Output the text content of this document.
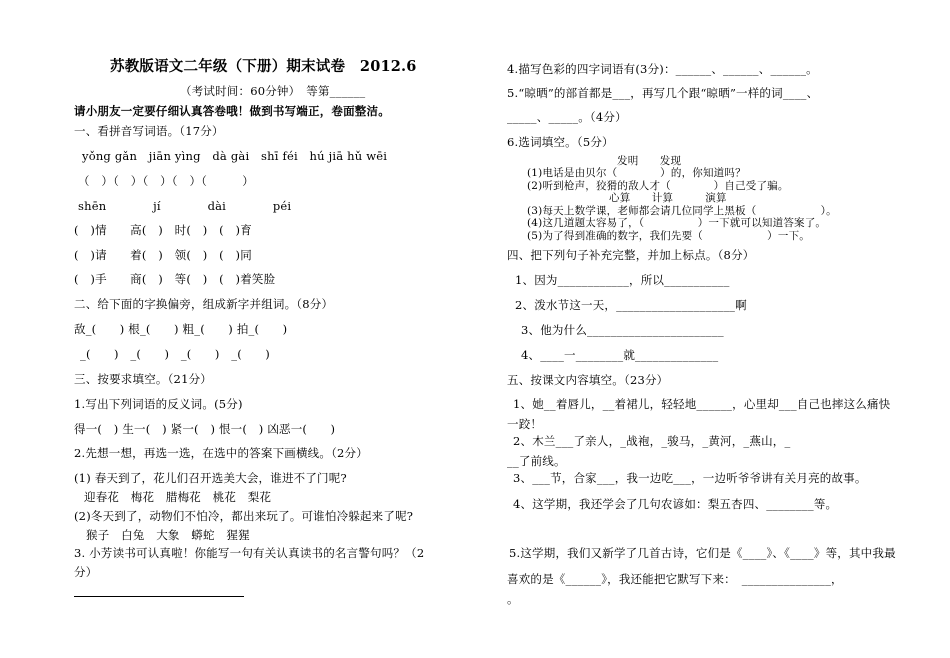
苏教版语文二年级（下册）期末试卷　2012.6
（考试时间：60分钟）　等第______
请小朋友一定要仔细认真答卷哦！做到书写端正，卷面整洁。
一、看拼音写词语。（17分）
yǒng gǎn　jiān yìng　dà gài　shī féi　hú jiā hǔ wēi
（　）（　）（　）（　）（　　　）
shēn　　　　jí　　　　dài　　　　péi
(　)情　　高(　)　时(　)　(　)育
(　)请　　着(　)　领(　)　(　)同
(　)手　　商(　)　等(　)　(　)着笑脸
二、给下面的字换偏旁，组成新字并组词。（8分）
敌_(　　) 根_(　　) 粗_(　　) 拍_(　　)
_(　　)　_(　　)　_(　　)　_(　　)
三、按要求填空。（21分）
1.写出下列词语的反义词。(5分)
得一(　) 生一(　) 紧一(　) 恨一(　) 凶恶一(　　)
2.先想一想，再选一选，在选中的答案下画横线。（2分）
(1) 春天到了，花儿们召开选美大会，谁进不了门呢?
迎春花　梅花　腊梅花　桃花　梨花
(2)冬天到了，动物们不怕冷，都出来玩了。可谁怕冷躲起来了呢?
猴子　白兔　大象　蟒蛇　猩猩
3. 小芳读书可认真啦！你能写一句有关认真读书的名言警句吗？（2
分）
4.描写色彩的四字词语有(3分)：______、______、______。
5.“晾晒”的部首都是___，再写几个跟“晾晒”一样的词____、
_____、_____。（4分）
6.选词填空。（5分）
发明　　发现
(1)电话是由贝尔（　　　　）的，你知道吗？
(2)听到枪声，狡猾的敌人才（　　　　）自己受了骗。
心算　　计算　　　演算
(3)每天上数学课，老师都会请几位同学上黑板（　　　　　　）。
(4)这几道题太容易了，（　　　　　）一下就可以知道答案了。
(5)为了得到准确的数字，我们先要（　　　　　　）一下。
四、把下列句子补充完整，并加上标点。（8分）
1、因为____________，所以___________
2、泼水节这一天，____________________啊
3、他为什么_______________________
4、____一________就______________
五、按课文内容填空。（23分）
1、她__着唇儿，__着裙儿，轻轻地______，心里却___自己也摔这么痛快
一跤！
2、木兰___了亲人，_战袍，_骏马，_黄河，_燕山，_
__了前线。
3、___节，合家___，我一边吃___，一边听爷爷讲有关月亮的故事。
4、这学期，我还学会了几句农谚如：梨五杏四、________等。
5.这学期，我们又新学了几首古诗，它们是《____》、《____》等，其中我最
喜欢的是《______》，我还能把它默写下来：　_______________，
。
